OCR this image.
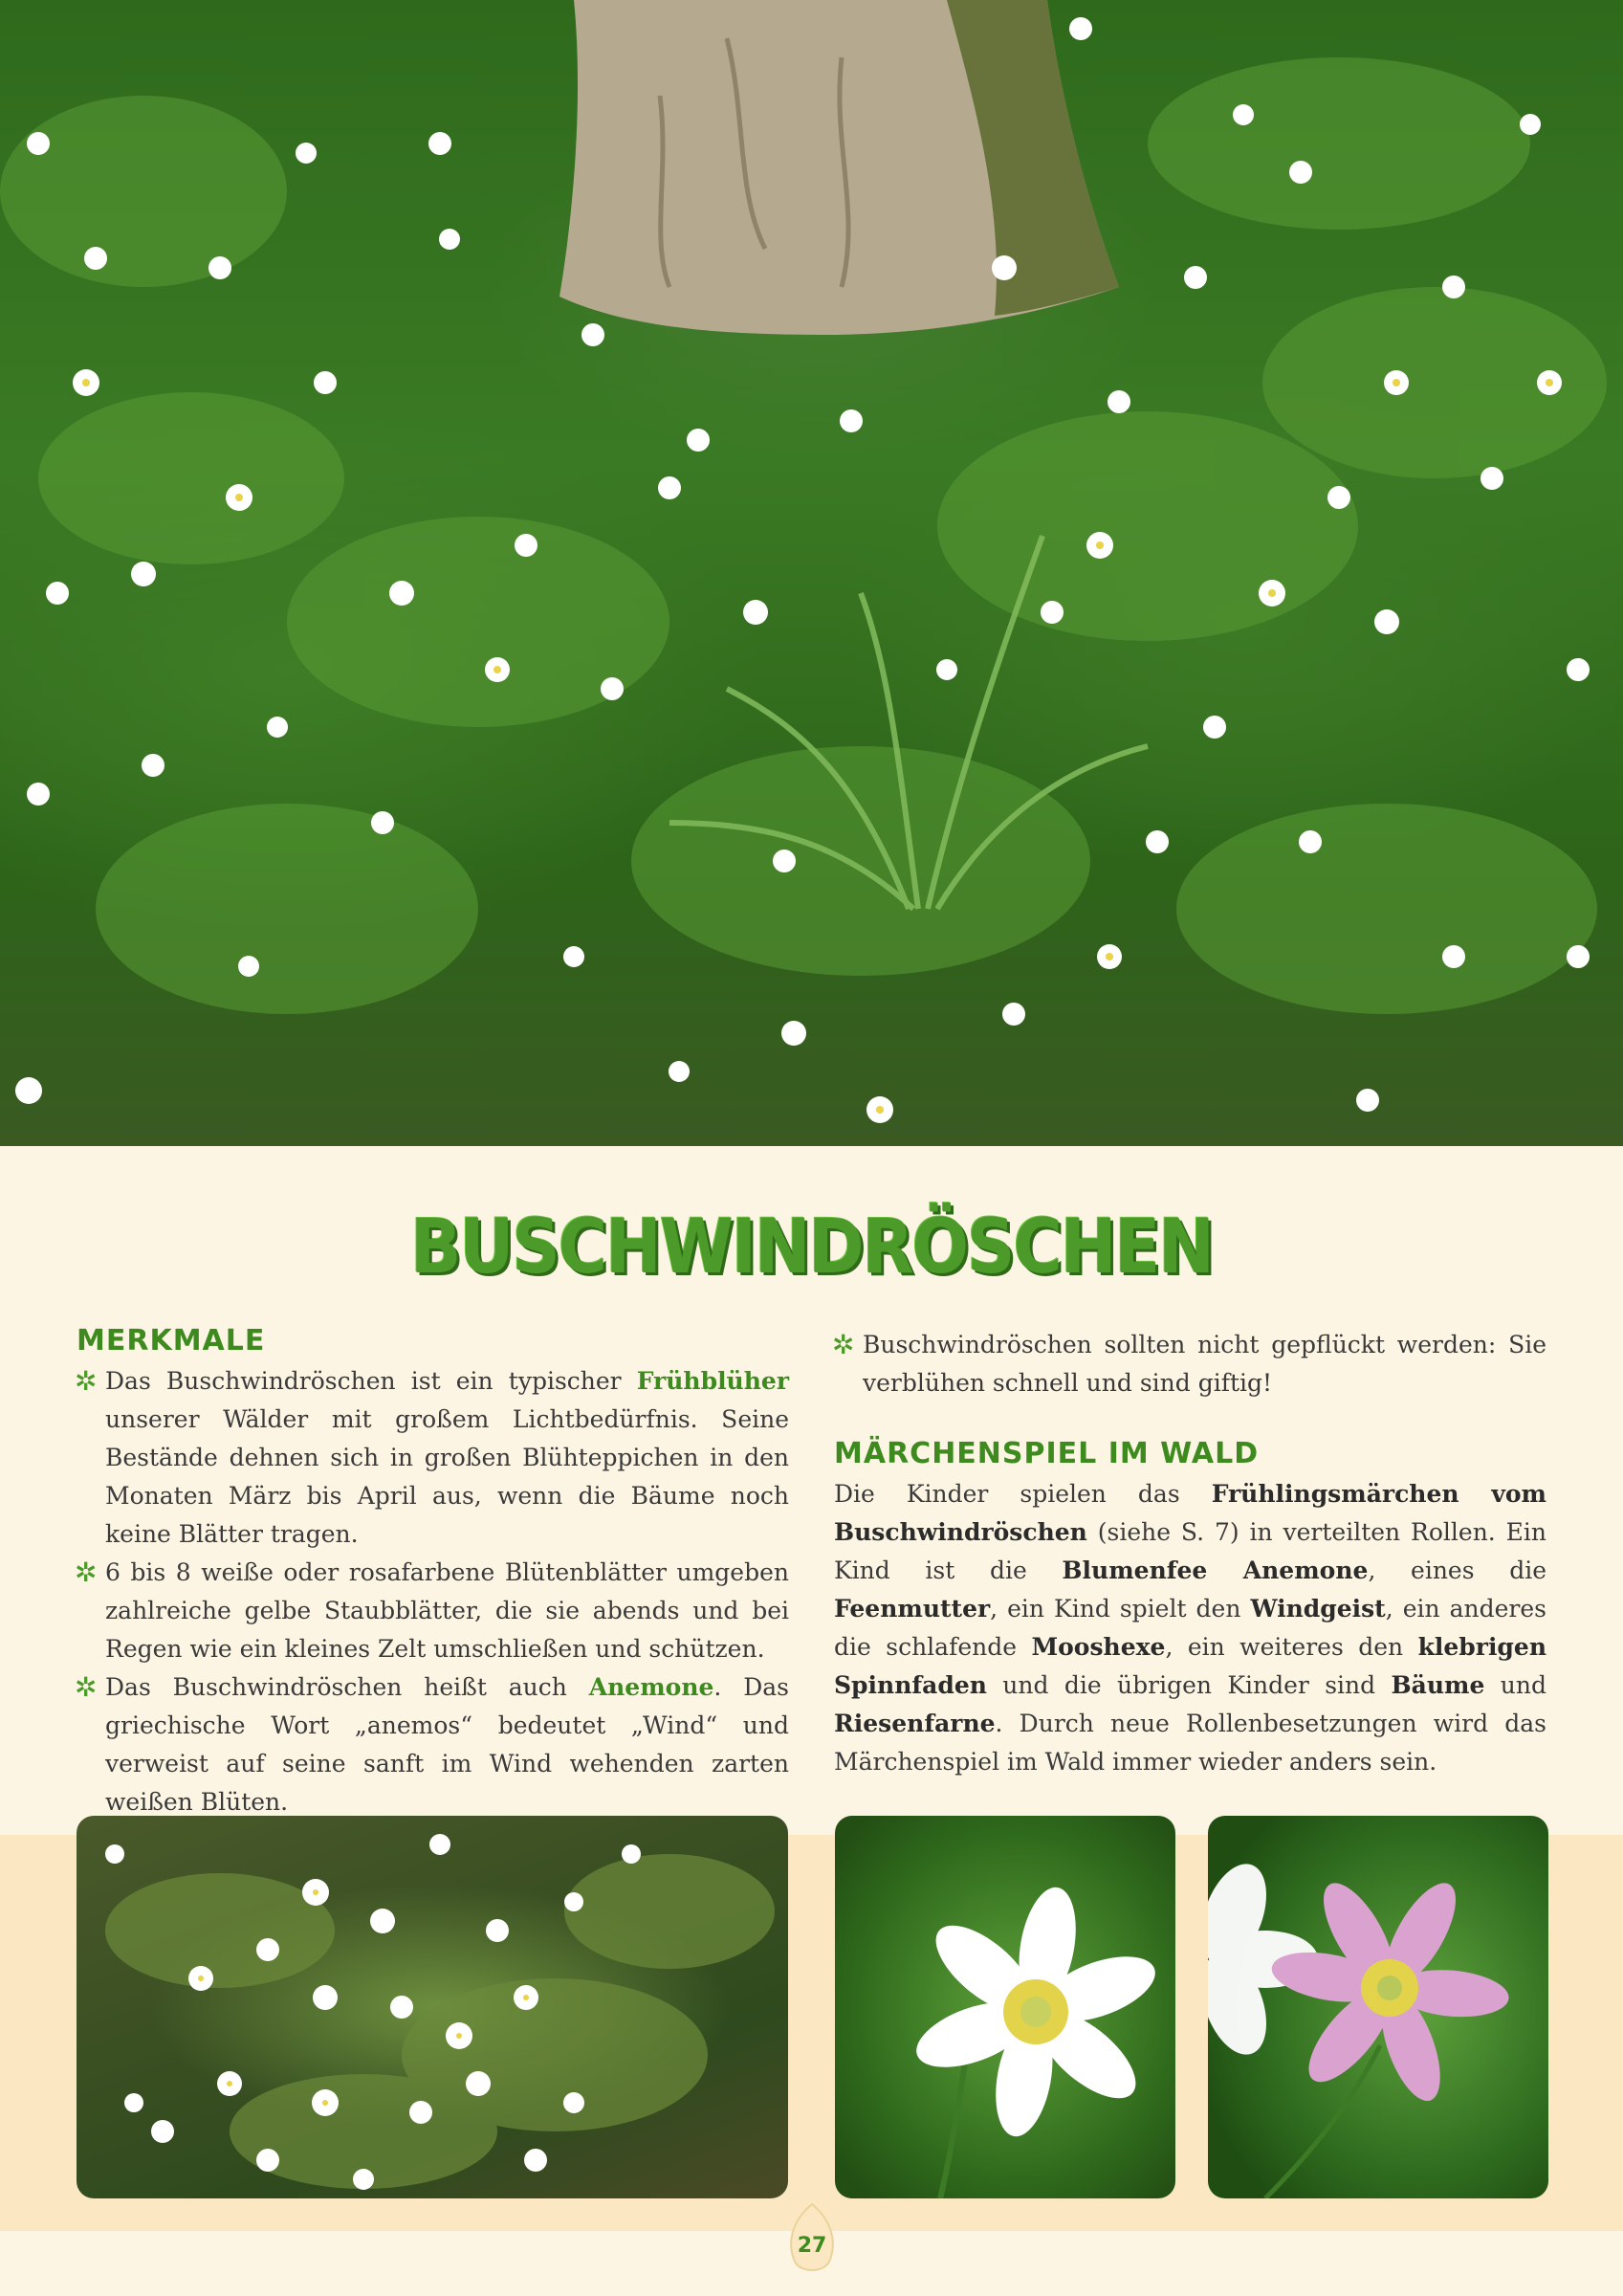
BUSCHWINDRÖSCHEN
MERKMALE
✲ Das Buschwindröschen ist ein typischer Frühblüher unserer Wälder mit großem Lichtbedürfnis. Seine Bestände dehnen sich in großen Blühteppichen in den Monaten März bis April aus, wenn die Bäume noch keine Blätter tragen.
✲ 6 bis 8 weiße oder rosafarbene Blütenblätter umgeben zahlreiche gelbe Staubblätter, die sie abends und bei Regen wie ein kleines Zelt umschließen und schützen.
✲ Das Buschwindröschen heißt auch Anemone. Das griechische Wort „anemos“ bedeutet „Wind“ und verweist auf seine sanft im Wind wehenden zarten weißen Blüten.
✲ Buschwindröschen sollten nicht gepflückt werden: Sie verblühen schnell und sind giftig!
MÄRCHENSPIEL IM WALD

Die Kinder spielen das Frühlingsmärchen vom Buschwindröschen (siehe S. 7) in verteilten Rollen. Ein Kind ist die Blumenfee Anemone, eines die Feenmutter, ein Kind spielt den Windgeist, ein anderes die schlafende Mooshexe, ein weiteres den klebrigen Spinnfaden und die übrigen Kinder sind Bäume und Riesenfarne. Durch neue Rollenbesetzungen wird das Märchenspiel im Wald immer wieder anders sein.

27
